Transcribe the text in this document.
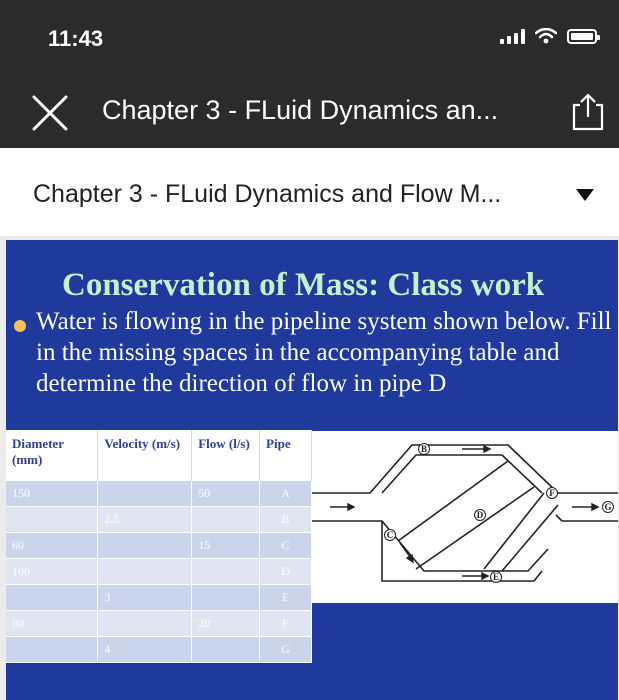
11:43
Chapter 3 - FLuid Dynamics an...
Chapter 3 - FLuid Dynamics and Flow M...
Conservation of Mass: Class work
Water is flowing in the pipeline system shown below. Fill in the missing spaces in the accompanying table and determine the direction of flow in pipe D
Diameter (mm)	Velocity (m/s)	Flow (l/s)	Pipe
150		50	A
	2.5		B
60		15	C
100			D
	3		E
80		20	F
	4		G
B
C
D
E
F
G
